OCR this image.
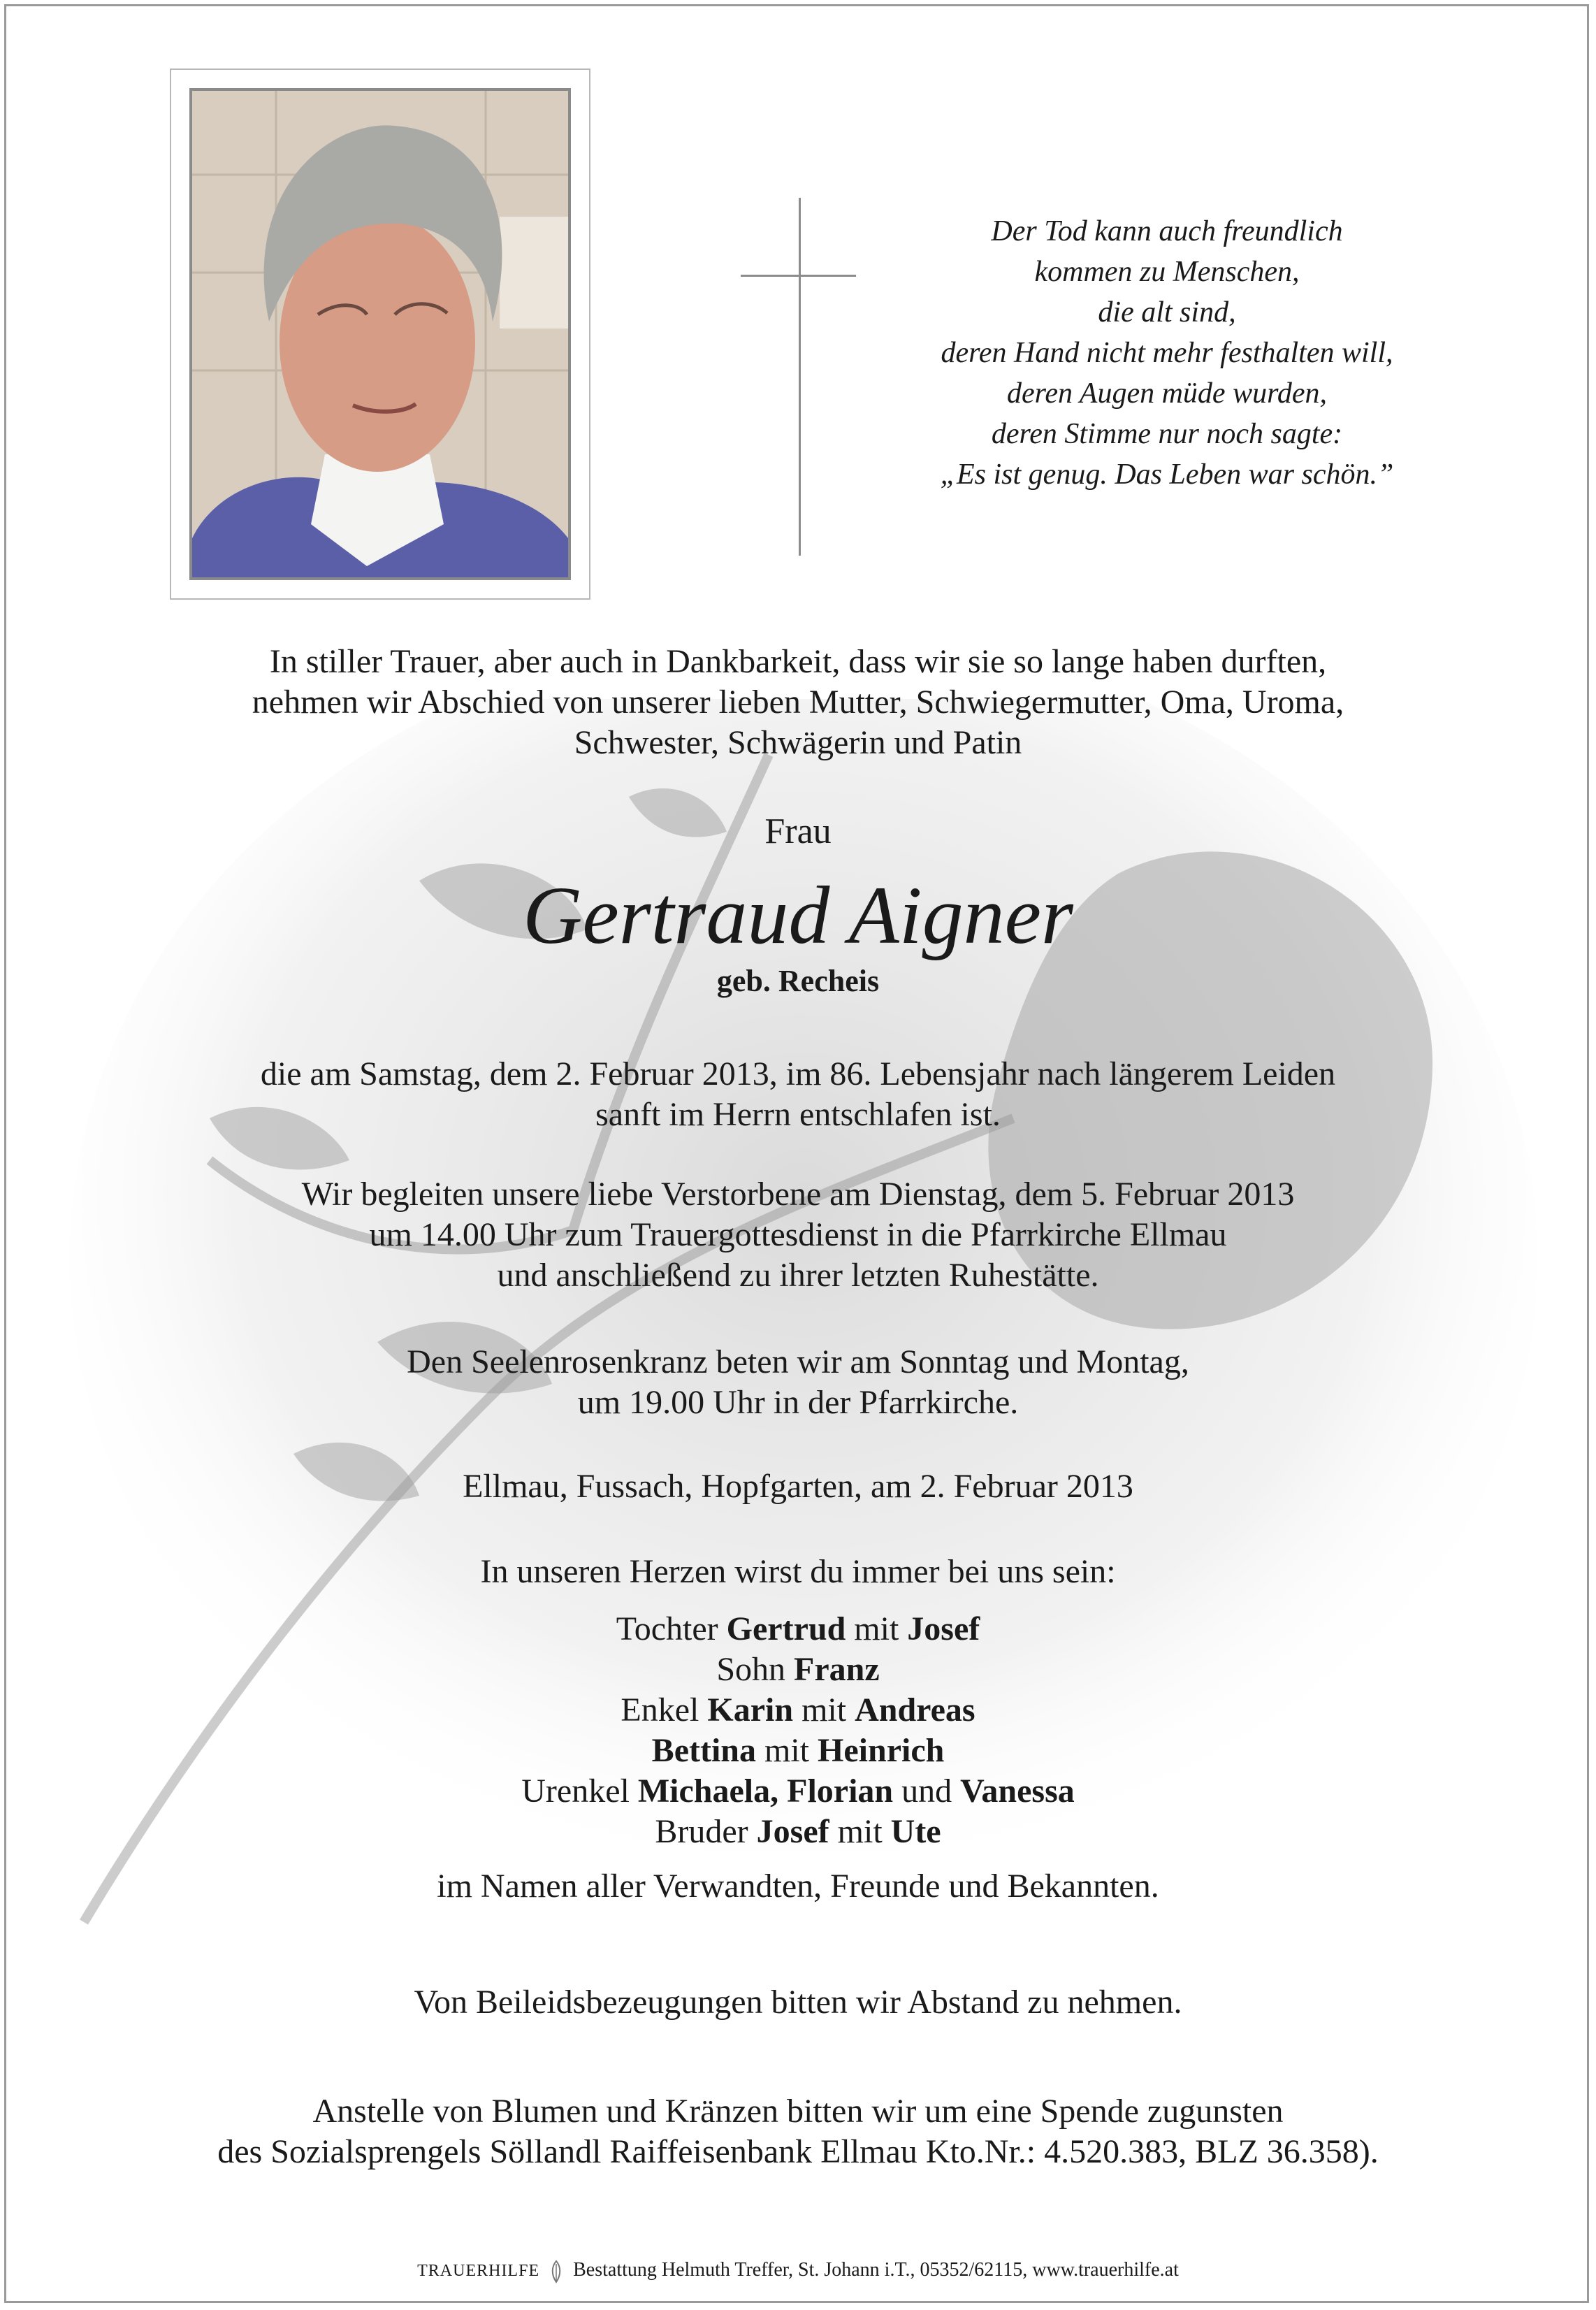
Der Tod kann auch freundlich
kommen zu Menschen,
die alt sind,
deren Hand nicht mehr festhalten will,
deren Augen müde wurden,
deren Stimme nur noch sagte:
„Es ist genug. Das Leben war schön.”
In stiller Trauer, aber auch in Dankbarkeit, dass wir sie so lange haben durften,
nehmen wir Abschied von unserer lieben Mutter, Schwiegermutter, Oma, Uroma,
Schwester, Schwägerin und Patin
Frau
Gertraud Aigner
geb. Recheis
die am Samstag, dem 2. Februar 2013, im 86. Lebensjahr nach längerem Leiden
sanft im Herrn entschlafen ist.
Wir begleiten unsere liebe Verstorbene am Dienstag, dem 5. Februar 2013
um 14.00 Uhr zum Trauergottesdienst in die Pfarrkirche Ellmau
und anschließend zu ihrer letzten Ruhestätte.
Den Seelenrosenkranz beten wir am Sonntag und Montag,
um 19.00 Uhr in der Pfarrkirche.
Ellmau, Fussach, Hopfgarten, am 2. Februar 2013
In unseren Herzen wirst du immer bei uns sein:
Tochter Gertrud mit Josef
Sohn Franz
Enkel Karin mit Andreas
Bettina mit Heinrich
Urenkel Michaela, Florian und Vanessa
Bruder Josef mit Ute
im Namen aller Verwandten, Freunde und Bekannten.
Von Beileidsbezeugungen bitten wir Abstand zu nehmen.
Anstelle von Blumen und Kränzen bitten wir um eine Spende zugunsten
des Sozialsprengels Söllandl Raiffeisenbank Ellmau Kto.Nr.: 4.520.383, BLZ 36.358).
TRAUERHILFE Bestattung Helmuth Treffer, St. Johann i.T., 05352/62115, www.trauerhilfe.at
